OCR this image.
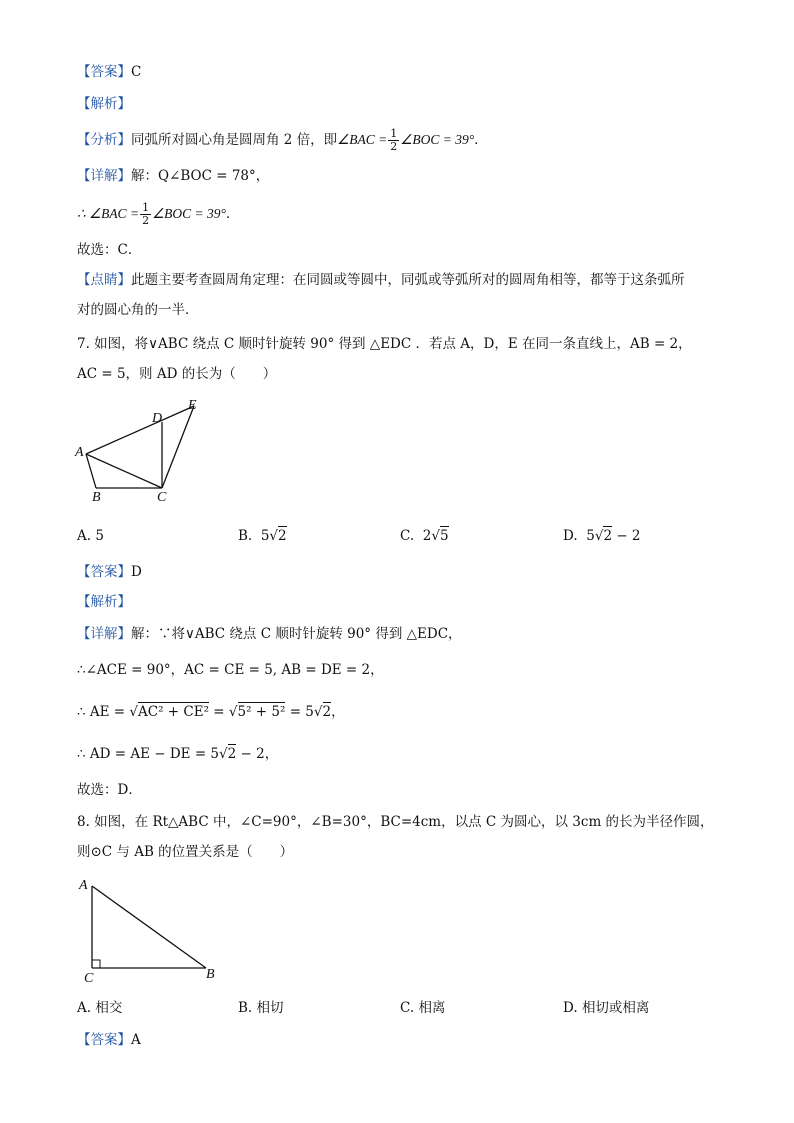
【答案】C
【解析】
【分析】同弧所对圆心角是圆周角 2 倍，即∠BAC = $\frac{1}{2}$ ∠BOC = 39°．
【详解】解：Q∠BOC = 78°，
∴ ∠BAC = $\frac{1}{2}$ ∠BOC = 39°．
故选：C．
【点睛】此题主要考查圆周角定理：在同圆或等圆中，同弧或等弧所对的圆周角相等，都等于这条弧所
对的圆心角的一半．
7. 如图，将∨ABC 绕点 C 顺时针旋转 90° 得到 △EDC ．若点 A，D，E 在同一条直线上，AB = 2，
AC = 5，则 AD 的长为（　　）
D
E
A
B	C
A. 5	B. 5√2	C. 2√5	D. 5√2 − 2
【答案】D
【解析】
【详解】解：∵将∨ABC 绕点 C 顺时针旋转 90° 得到 △EDC，
∴∠ACE = 90°，AC = CE = 5, AB = DE = 2，
∴ AE = √AC² + CE² = √5² + 5² = 5√2，
∴ AD = AE − DE = 5√2 − 2，
故选：D．
8. 如图，在 Rt△ABC 中，∠C=90°，∠B=30°，BC=4cm，以点 C 为圆心，以 3cm 的长为半径作圆，
则⊙C 与 AB 的位置关系是（　　）
A
C	B
A. 相交	B. 相切	C. 相离	D. 相切或相离
【答案】A
